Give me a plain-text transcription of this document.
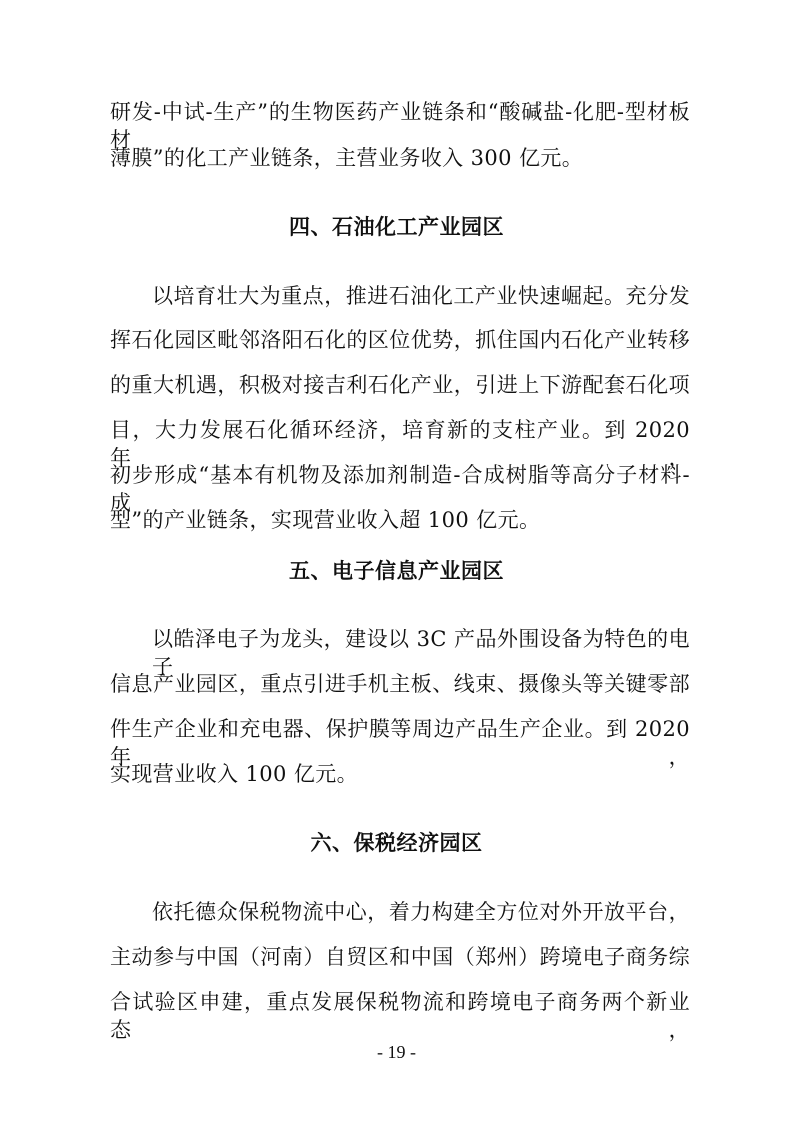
研发-中试-生产”的生物医药产业链条和“酸碱盐-化肥-型材板材
薄膜”的化工产业链条，主营业务收入 300 亿元。
四、石油化工产业园区
以培育壮大为重点，推进石油化工产业快速崛起。充分发
挥石化园区毗邻洛阳石化的区位优势，抓住国内石化产业转移
的重大机遇，积极对接吉利石化产业，引进上下游配套石化项
目，大力发展石化循环经济，培育新的支柱产业。到 2020 年，
初步形成“基本有机物及添加剂制造-合成树脂等高分子材料-成
型”的产业链条，实现营业收入超 100 亿元。
五、电子信息产业园区
以皓泽电子为龙头，建设以 3C 产品外围设备为特色的电子
信息产业园区，重点引进手机主板、线束、摄像头等关键零部
件生产企业和充电器、保护膜等周边产品生产企业。到 2020 年，
实现营业收入 100 亿元。
六、保税经济园区
依托德众保税物流中心，着力构建全方位对外开放平台，
主动参与中国（河南）自贸区和中国（郑州）跨境电子商务综
合试验区申建，重点发展保税物流和跨境电子商务两个新业态，
- 19 -
